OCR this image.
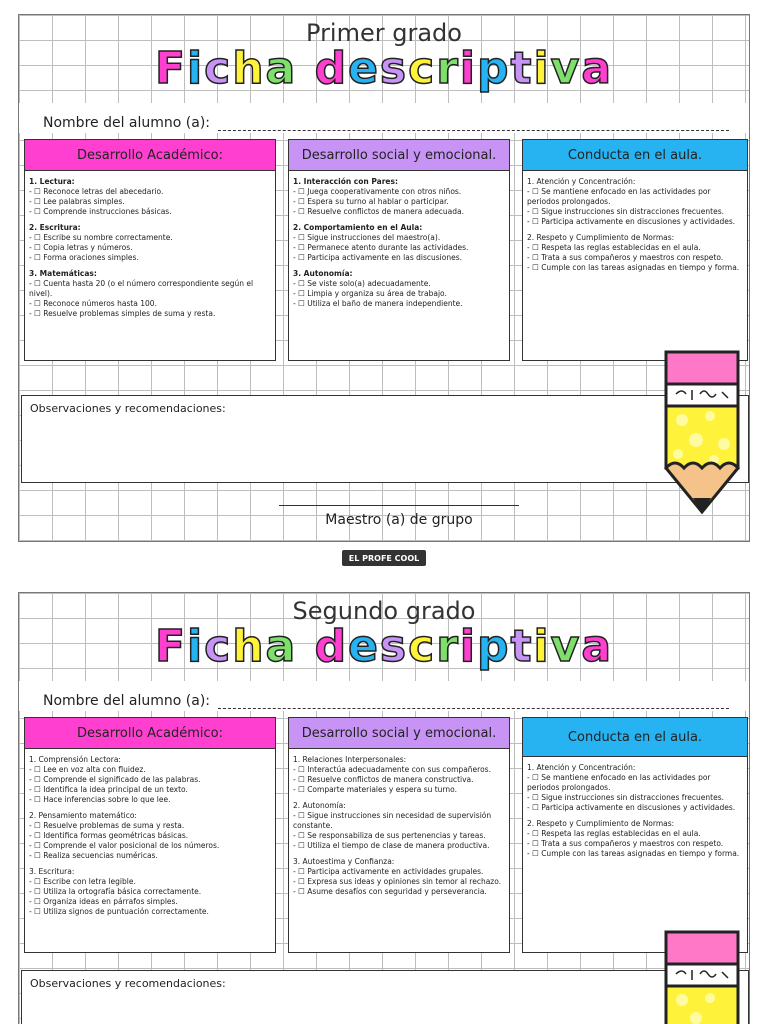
Primer grado
Ficha descriptiva
Nombre del alumno (a):
Desarrollo Académico:
1. Lectura:
- ☐ Reconoce letras del abecedario.
- ☐ Lee palabras simples.
- ☐ Comprende instrucciones básicas.
2. Escritura:
- ☐ Escribe su nombre correctamente.
- ☐ Copia letras y números.
- ☐ Forma oraciones simples.
3. Matemáticas:
- ☐ Cuenta hasta 20 (o el número correspondiente según el nivel).
- ☐ Reconoce números hasta 100.
- ☐ Resuelve problemas simples de suma y resta.
Desarrollo social y emocional.
1. Interacción con Pares:
- ☐ Juega cooperativamente con otros niños.
- ☐ Espera su turno al hablar o participar.
- ☐ Resuelve conflictos de manera adecuada.
2. Comportamiento en el Aula:
- ☐ Sigue instrucciones del maestro(a).
- ☐ Permanece atento durante las actividades.
- ☐ Participa activamente en las discusiones.
3. Autonomía:
- ☐ Se viste solo(a) adecuadamente.
- ☐ Limpia y organiza su área de trabajo.
- ☐ Utiliza el baño de manera independiente.
Conducta en el aula.
1. Atención y Concentración:
- ☐ Se mantiene enfocado en las actividades por periodos prolongados.
- ☐ Sigue instrucciones sin distracciones frecuentes.
- ☐ Participa activamente en discusiones y actividades.
2. Respeto y Cumplimiento de Normas:
- ☐ Respeta las reglas establecidas en el aula.
- ☐ Trata a sus compañeros y maestros con respeto.
- ☐ Cumple con las tareas asignadas en tiempo y forma.
Observaciones y recomendaciones:
Maestro (a) de grupo
EL PROFE COOL
Segundo grado
Ficha descriptiva
Nombre del alumno (a):
Desarrollo Académico:
1. Comprensión Lectora:
- ☐ Lee en voz alta con fluidez.
- ☐ Comprende el significado de las palabras.
- ☐ Identifica la idea principal de un texto.
- ☐ Hace inferencias sobre lo que lee.
2. Pensamiento matemático:
- ☐ Resuelve problemas de suma y resta.
- ☐ Identifica formas geométricas básicas.
- ☐ Comprende el valor posicional de los números.
- ☐ Realiza secuencias numéricas.
3. Escritura:
- ☐ Escribe con letra legible.
- ☐ Utiliza la ortografía básica correctamente.
- ☐ Organiza ideas en párrafos simples.
- ☐ Utiliza signos de puntuación correctamente.
Desarrollo social y emocional.
1. Relaciones Interpersonales:
- ☐ Interactúa adecuadamente con sus compañeros.
- ☐ Resuelve conflictos de manera constructiva.
- ☐ Comparte materiales y espera su turno.
2. Autonomía:
- ☐ Sigue instrucciones sin necesidad de supervisión constante.
- ☐ Se responsabiliza de sus pertenencias y tareas.
- ☐ Utiliza el tiempo de clase de manera productiva.
3. Autoestima y Confianza:
- ☐ Participa activamente en actividades grupales.
- ☐ Expresa sus ideas y opiniones sin temor al rechazo.
- ☐ Asume desafíos con seguridad y perseverancia.
Conducta en el aula.
1. Atención y Concentración:
- ☐ Se mantiene enfocado en las actividades por periodos prolongados.
- ☐ Sigue instrucciones sin distracciones frecuentes.
- ☐ Participa activamente en discusiones y actividades.
2. Respeto y Cumplimiento de Normas:
- ☐ Respeta las reglas establecidas en el aula.
- ☐ Trata a sus compañeros y maestros con respeto.
- ☐ Cumple con las tareas asignadas en tiempo y forma.
Observaciones y recomendaciones:
